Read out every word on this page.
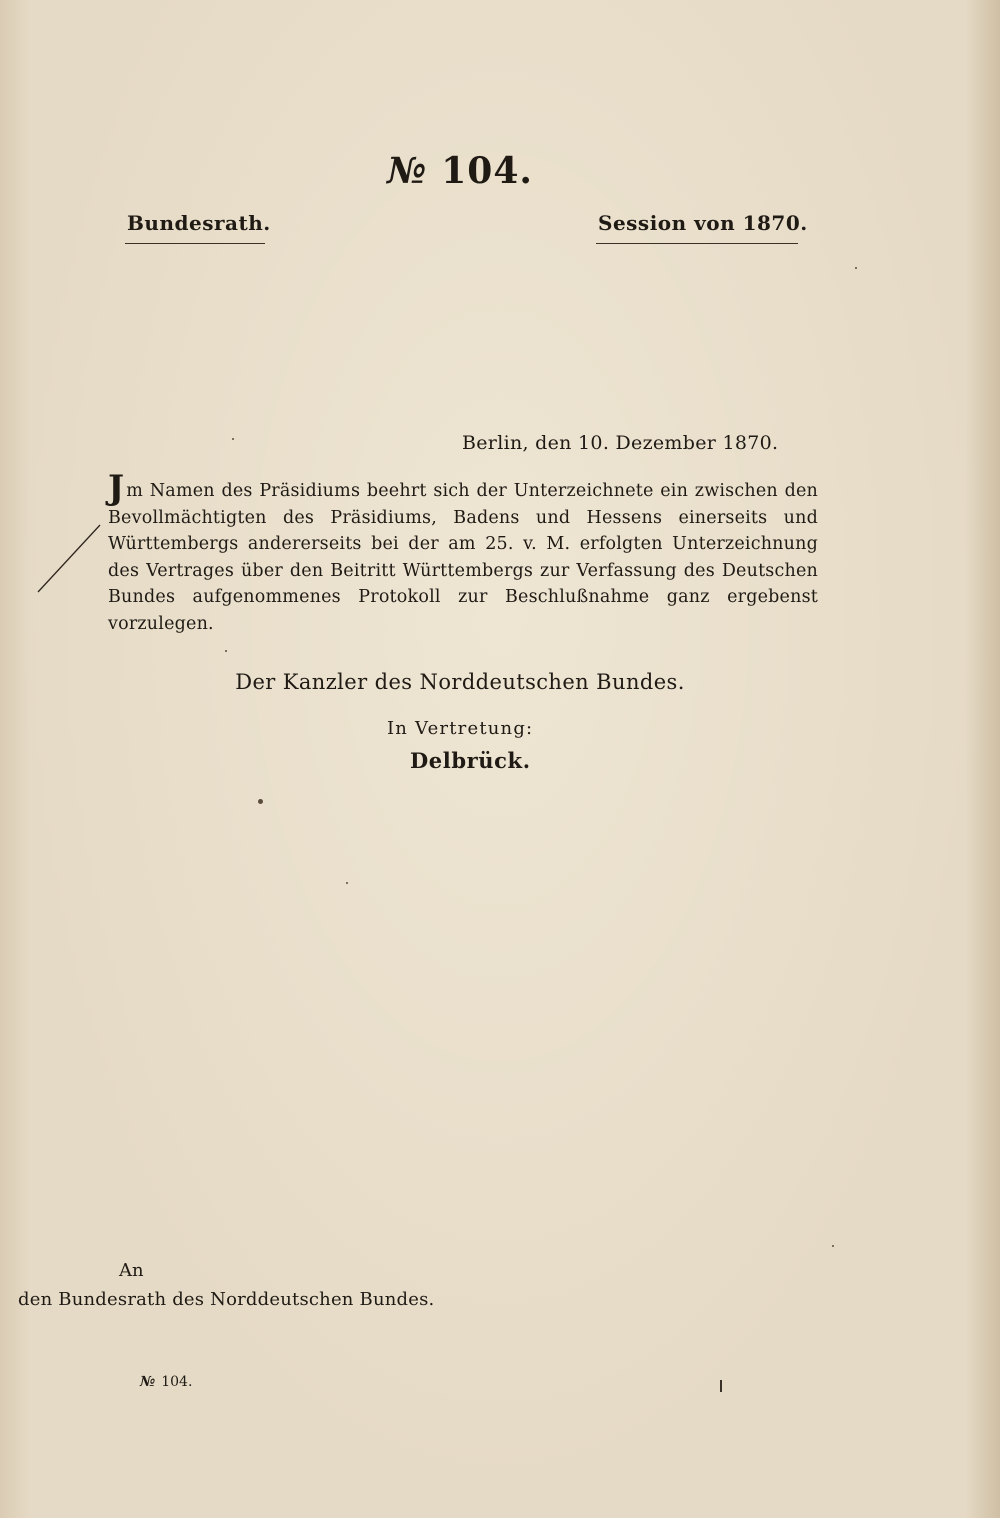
№ 104.
Bundesrath.	Session von 1870.
Berlin, den 10. Dezember 1870.
Jm Namen des Präsidiums beehrt sich der Unterzeichnete ein zwischen den Bevollmächtigten des Präsidiums, Badens und Hessens einerseits und Württembergs andererseits bei der am 25. v. M. erfolgten Unterzeichnung des Vertrages über den Beitritt Württembergs zur Verfassung des Deutschen Bundes aufgenommenes Protokoll zur Beschlußnahme ganz ergebenst vorzulegen.
Der Kanzler des Norddeutschen Bundes.
In Vertretung:
Delbrück.
An
den Bundesrath des Norddeutschen Bundes.
№ 104.
